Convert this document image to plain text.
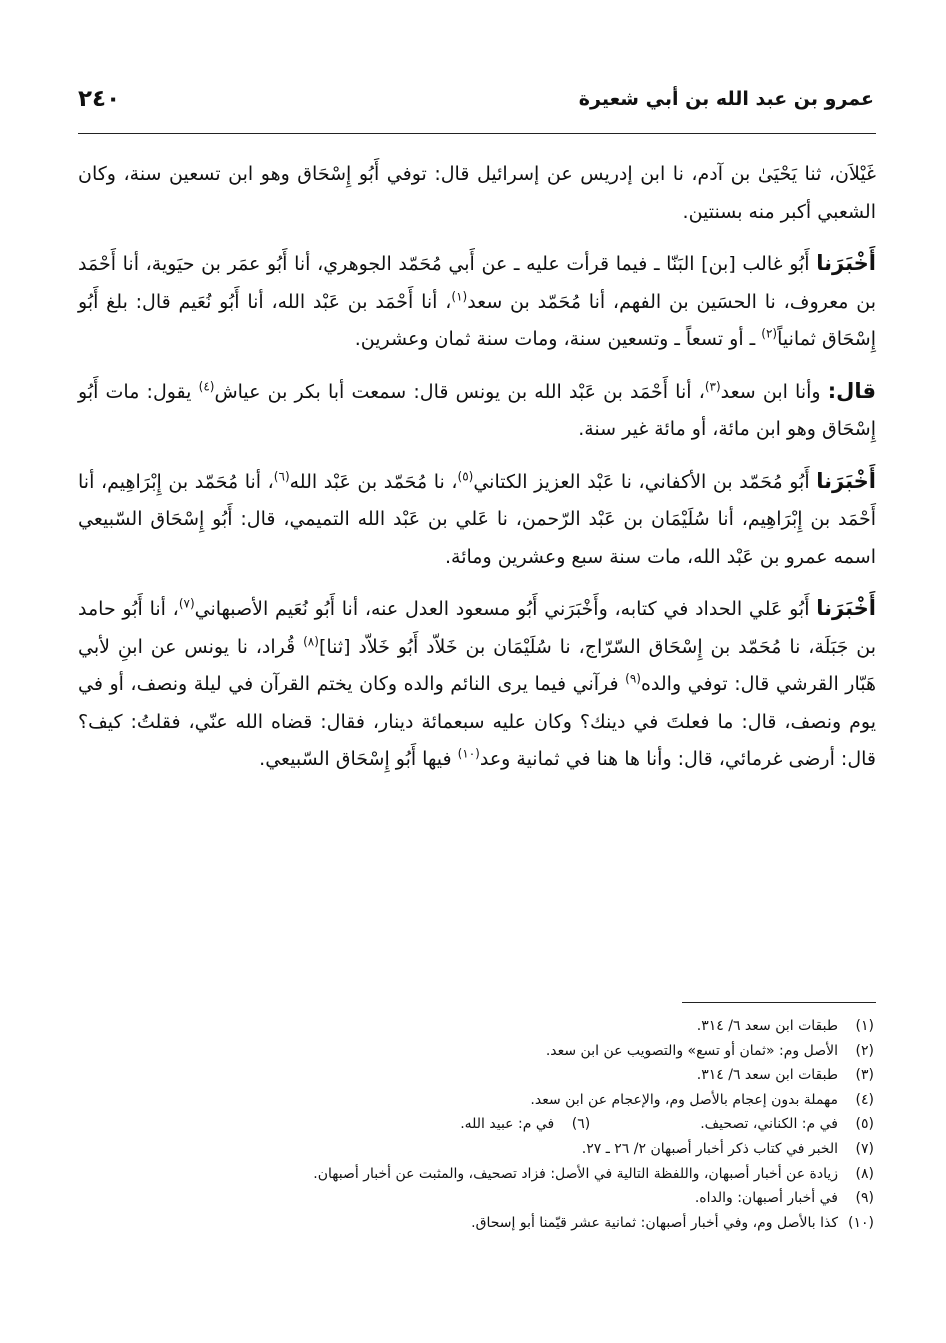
عمرو بن عبد الله بن أبي شعيرة
٢٤٠

غَيْلاَن، ثنا يَحْيَىٰ بن آدم، نا ابن إدريس عن إسرائيل قال: توفي أَبُو إِسْحَاق وهو ابن تسعين سنة، وكان الشعبي أكبر منه بسنتين.

أَخْبَرَنا أَبُو غالب [بن] البَنّا ـ فيما قرأت عليه ـ عن أَبي مُحَمّد الجوهري، أنا أَبُو عمَر بن حيَوية، أنا أَحْمَد بن معروف، نا الحسَين بن الفهم، أنا مُحَمّد بن سعد$^{(١)}$، أنا أَحْمَد بن عَبْد الله، أنا أَبُو نُعَيم قال: بلغ أَبُو إِسْحَاق ثمانياً$^{(٢)}$ ـ أو تسعاً ـ وتسعين سنة، ومات سنة ثمان وعشرين.

قال: وأنا ابن سعد$^{(٣)}$، أنا أَحْمَد بن عَبْد الله بن يونس قال: سمعت أبا بكر بن عياش$^{(٤)}$ يقول: مات أَبُو إِسْحَاق وهو ابن مائة، أو مائة غير سنة.

أَخْبَرَنا أَبُو مُحَمّد بن الأكفاني، نا عَبْد العزيز الكتاني$^{(٥)}$، نا مُحَمّد بن عَبْد الله$^{(٦)}$، أنا مُحَمّد بن إِبْرَاهِيم، أنا أَحْمَد بن إِبْرَاهِيم، أنا سُلَيْمَان بن عَبْد الرّحمن، نا عَلي بن عَبْد الله التميمي، قال: أَبُو إِسْحَاق السّبيعي اسمه عمرو بن عَبْد الله، مات سنة سبع وعشرين ومائة.

أَخْبَرَنا أَبُو عَلي الحداد في كتابه، وأَخْبَرَني أَبُو مسعود العدل عنه، أنا أَبُو نُعَيم الأصبهاني$^{(٧)}$، أنا أَبُو حامد بن جَبَلَة، نا مُحَمّد بن إِسْحَاق السّرّاج، نا سُلَيْمَان بن خَلاّد أَبُو خَلاّد [ثنا]$^{(٨)}$ قُراد، نا يونس عن ابنِ لأبي هَبّار القرشي قال: توفي والده$^{(٩)}$ فرآني فيما يرى النائم والده وكان يختم القرآن في ليلة ونصف، أو في يوم ونصف، قال: ما فعلتَ في دينك؟ وكان عليه سبعمائة دينار، فقال: قضاه الله عنّي، فقلتُ: كيف؟ قال: أرضى غرمائي، قال: وأنا ها هنا في ثمانية وعد$^{(١٠)}$ فيها أَبُو إِسْحَاق السّبيعي.

(١)طبقات ابن سعد ٦/ ٣١٤.
(٢)الأصل وم: «ثمان أو تسع» والتصويب عن ابن سعد.
(٣)طبقات ابن سعد ٦/ ٣١٤.
(٤)مهملة بدون إعجام بالأصل وم، والإعجام عن ابن سعد.
(٥)في م: الكناني، تصحيف.(٦)في م: عبيد الله.
(٧)الخبر في كتاب ذكر أخبار أصبهان ٢/ ٢٦ ـ ٢٧.
(٨)زيادة عن أخبار أصبهان، واللفظة التالية في الأصل: فزاد تصحيف، والمثبت عن أخبار أصبهان.
(٩)في أخبار أصبهان: والداه.
(١٠)كذا بالأصل وم، وفي أخبار أصبهان: ثمانية عشر قيّمنا أبو إسحاق.
